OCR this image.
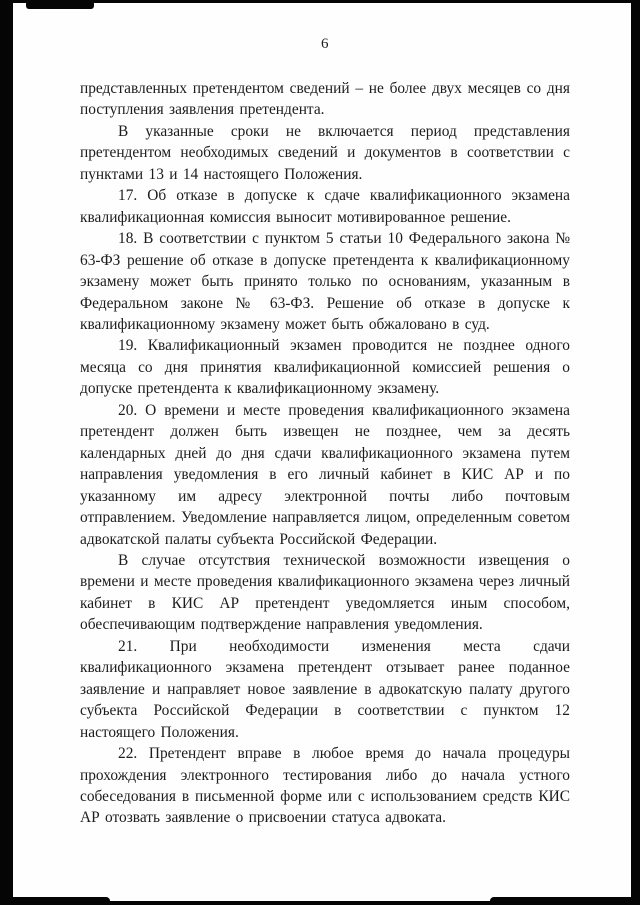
6

представленных претендентом сведений – не более двух месяцев со дня поступления заявления претендента.

В указанные сроки не включается период представления претендентом необходимых сведений и документов в соответствии с пунктами 13 и 14 настоящего Положения.

17. Об отказе в допуске к сдаче квалификационного экзамена квалификационная комиссия выносит мотивированное решение.

18. В соответствии с пунктом 5 статьи 10 Федерального закона № 63-ФЗ решение об отказе в допуске претендента к квалификационному экзамену может быть принято только по основаниям, указанным в Федеральном законе № 63-ФЗ. Решение об отказе в допуске к квалификационному экзамену может быть обжаловано в суд.

19. Квалификационный экзамен проводится не позднее одного месяца со дня принятия квалификационной комиссией решения о допуске претендента к квалификационному экзамену.

20. О времени и месте проведения квалификационного экзамена претендент должен быть извещен не позднее, чем за десять календарных дней до дня сдачи квалификационного экзамена путем направления уведомления в его личный кабинет в КИС АР и по указанному им адресу электронной почты либо почтовым отправлением. Уведомление направляется лицом, определенным советом адвокатской палаты субъекта Российской Федерации.

В случае отсутствия технической возможности извещения о времени и месте проведения квалификационного экзамена через личный кабинет в КИС АР претендент уведомляется иным способом, обеспечивающим подтверждение направления уведомления.

21. При необходимости изменения места сдачи квалификационного экзамена претендент отзывает ранее поданное заявление и направляет новое заявление в адвокатскую палату другого субъекта Российской Федерации в соответствии с пунктом 12 настоящего Положения.

22. Претендент вправе в любое время до начала процедуры прохождения электронного тестирования либо до начала устного собеседования в письменной форме или с использованием средств КИС АР отозвать заявление о присвоении статуса адвоката.
